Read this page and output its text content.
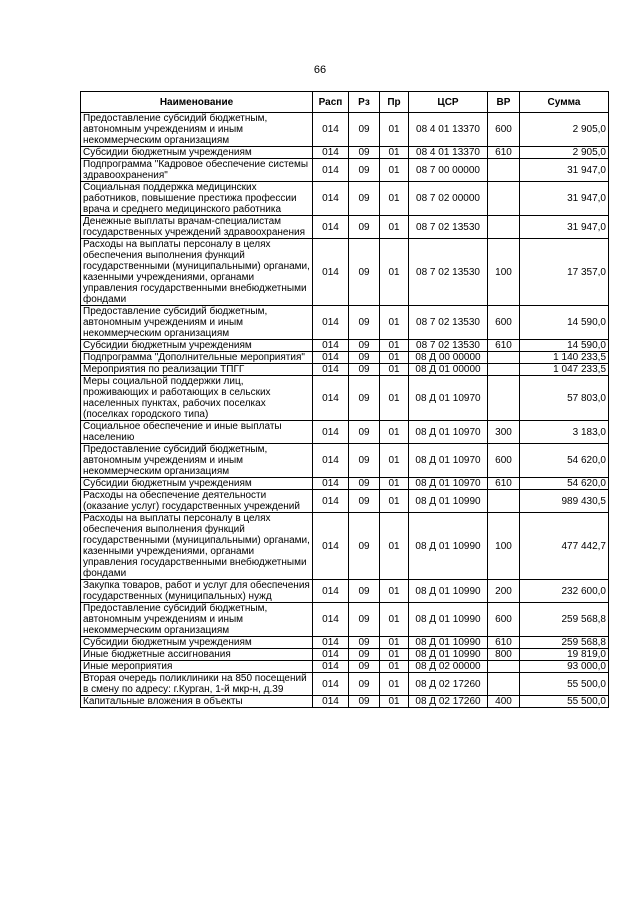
66
Наименование	Расп	Рз	Пр	ЦСР	ВР	Сумма
Предоставление субсидий бюджетным, автономным учреждениям и иным некоммерческим организациям	014	09	01	08 4 01 13370	600	2 905,0
Субсидии бюджетным учреждениям	014	09	01	08 4 01 13370	610	2 905,0
Подпрограмма "Кадровое обеспечение системы здравоохранения"	014	09	01	08 7 00 00000		31 947,0
Социальная поддержка медицинских работников, повышение престижа профессии врача и среднего медицинского работника	014	09	01	08 7 02 00000		31 947,0
Денежные выплаты врачам-специалистам государственных учреждений здравоохранения	014	09	01	08 7 02 13530		31 947,0
Расходы на выплаты персоналу в целях обеспечения выполнения функций государственными (муниципальными) органами, казенными учреждениями, органами управления государственными внебюджетными фондами	014	09	01	08 7 02 13530	100	17 357,0
Предоставление субсидий бюджетным, автономным учреждениям и иным некоммерческим организациям	014	09	01	08 7 02 13530	600	14 590,0
Субсидии бюджетным учреждениям	014	09	01	08 7 02 13530	610	14 590,0
Подпрограмма "Дополнительные мероприятия"	014	09	01	08 Д 00 00000		1 140 233,5
Мероприятия по реализации ТПГГ	014	09	01	08 Д 01 00000		1 047 233,5
Меры социальной поддержки лиц, проживающих и работающих в сельских населенных пунктах, рабочих поселках (поселках городского типа)	014	09	01	08 Д 01 10970		57 803,0
Социальное обеспечение и иные выплаты населению	014	09	01	08 Д 01 10970	300	3 183,0
Предоставление субсидий бюджетным, автономным учреждениям и иным некоммерческим организациям	014	09	01	08 Д 01 10970	600	54 620,0
Субсидии бюджетным учреждениям	014	09	01	08 Д 01 10970	610	54 620,0
Расходы на обеспечение деятельности (оказание услуг) государственных учреждений	014	09	01	08 Д 01 10990		989 430,5
Расходы на выплаты персоналу в целях обеспечения выполнения функций государственными (муниципальными) органами, казенными учреждениями, органами управления государственными внебюджетными фондами	014	09	01	08 Д 01 10990	100	477 442,7
Закупка товаров, работ и услуг для обеспечения государственных (муниципальных) нужд	014	09	01	08 Д 01 10990	200	232 600,0
Предоставление субсидий бюджетным, автономным учреждениям и иным некоммерческим организациям	014	09	01	08 Д 01 10990	600	259 568,8
Субсидии бюджетным учреждениям	014	09	01	08 Д 01 10990	610	259 568,8
Иные бюджетные ассигнования	014	09	01	08 Д 01 10990	800	19 819,0
Иные мероприятия	014	09	01	08 Д 02 00000		93 000,0
Вторая очередь поликлиники на 850 посещений в смену по адресу: г.Курган, 1-й мкр-н, д.39	014	09	01	08 Д 02 17260		55 500,0
Капитальные вложения в объекты	014	09	01	08 Д 02 17260	400	55 500,0
